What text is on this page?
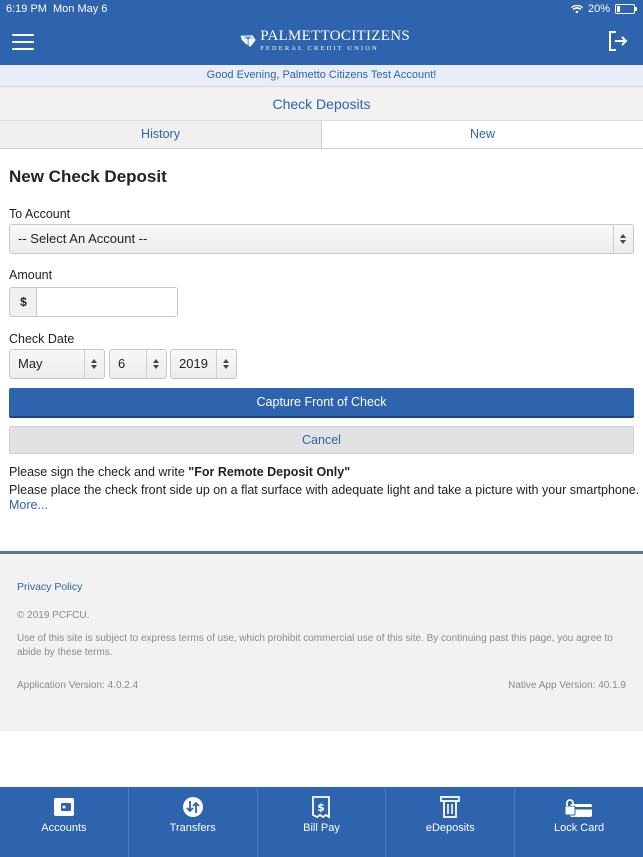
6:19 PM Mon May 6	20%
PALMETTOCITIZENS
FEDERAL CREDIT UNION
Good Evening, Palmetto Citizens Test Account!
Check Deposits
History	New
New Check Deposit
To Account
-- Select An Account --
Amount
$
Check Date
May	6	2019
Capture Front of Check
Cancel
Please sign the check and write "For Remote Deposit Only"
Please place the check front side up on a flat surface with adequate light and take a picture with your smartphone.
More...
Privacy Policy
© 2019 PCFCU.
Use of this site is subject to express terms of use, which prohibit commercial use of this site. By continuing past this page, you agree to abide by these terms.
Application Version: 4.0.2.4	Native App Version: 40.1.9
Accounts	Transfers
$
Bill Pay	eDeposits	Lock Card
